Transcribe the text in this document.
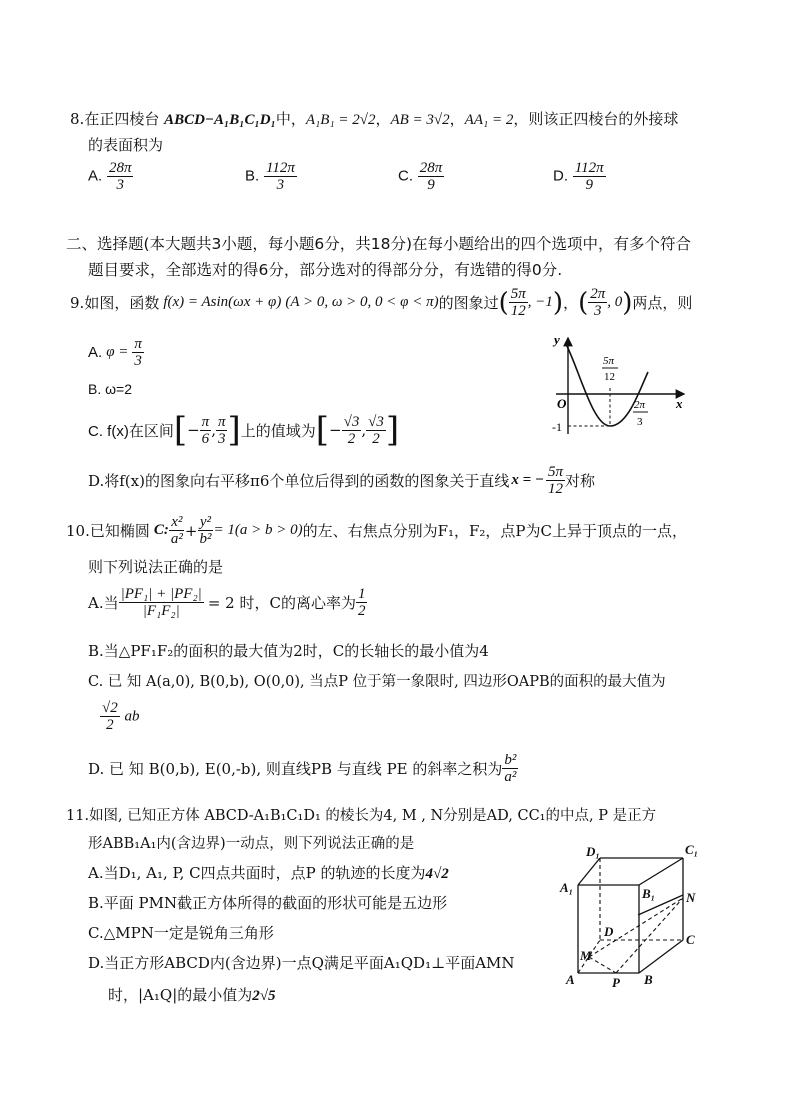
8.在正四棱台 ABCD−A₁B₁C₁D₁中，A₁B₁ = 2√2，AB = 3√2，AA₁ = 2，则该正四棱台的外接球
的表面积为
A. $\frac{28\pi}{3}$	B. $\frac{112\pi}{3}$	C. $\frac{28\pi}{9}$	D. $\frac{112\pi}{9}$
二、选择题(本大题共3小题，每小题6分，共18分)在每小题给出的四个选项中，有多个符合
题目要求，全部选对的得6分，部分选对的得部分分，有选错的得0分.
9. 如图，函数 f(x) = Asin(ωx + φ) (A > 0, ω > 0, 0 < φ < π) 的图象过 ( $\frac{5\pi}{12}$ , −1 ) ， ( $\frac{2\pi}{3}$ , 0 ) 两点，则
A. $\varphi = \frac{\pi}{3}$
B. ω=2
C. f(x)在区间 [ − $\frac{\pi}{6}$ , $\frac{\pi}{3}$ ] 上的值域为 [ − $\frac{√3}{2}$ , $\frac{√3}{2}$ ]
D.将f(x)的图象向右平移π6个单位后得到的函数的图象关于直线 x = − $\frac{5\pi}{12}$ 对称
y
x
O
-1
5π
12
2π
3
10. 已知椭圆 C: $\frac{\text{x²}}{\text{a²}} + \frac{\text{y²}}{\text{b²}} = 1(a > b > 0)$ 的左、右焦点分别为F₁，F₂，点P为C上异于顶点的一点，
则下列说法正确的是
A.当 $\frac{\text{|PF₁| + |PF₂|}}{\text{|F₁F₂|}} = 2$ 时，C的离心率为 $\frac{1}{2}$
B.当△PF₁F₂的面积的最大值为2时，C的长轴长的最小值为4
C. 已 知 A(a,0), B(0,b), O(0,0), 当点P 位于第一象限时, 四边形OAPB的面积的最大值为
$\frac{√2}{2}$ ab
D. 已 知 B(0,b), E(0,-b), 则直线PB 与直线 PE 的斜率之积为 $\frac{\text{b²}}{\text{a²}}$
11.如图, 已知正方体 ABCD-A₁B₁C₁D₁ 的棱长为4, M , N分别是AD, CC₁的中点, P 是正方
形ABB₁A₁内(含边界)一动点，则下列说法正确的是
A.当D₁, A₁, P, C四点共面时，点P 的轨迹的长度为4√2
B.平面 PMN截正方体所得的截面的形状可能是五边形
C.△MPN一定是锐角三角形
D.当正方形ABCD内(含边界)一点Q满足平面A₁QD₁⊥平面AMN
时，|A₁Q|的最小值为2√5
D₁	C₁
A₁	B₁ N
D
C
M
A	P B
